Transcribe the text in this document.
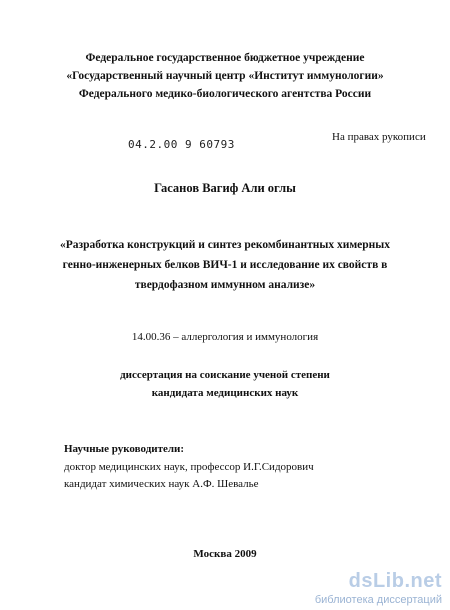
Федеральное государственное бюджетное учреждение
«Государственный научный центр «Институт иммунологии»
Федерального медико-биологического агентства России
04.2.00 9 60793
На правах рукописи
Гасанов Вагиф Али оглы
«Разработка конструкций и синтез рекомбинантных химерных
генно-инженерных белков ВИЧ-1 и исследование их свойств в
твердофазном иммунном анализе»
14.00.36 – аллергология и иммунология
диссертация на соискание ученой степени
кандидата медицинских наук
Научные руководители:
доктор медицинских наук, профессор И.Г.Сидорович
кандидат химических наук А.Ф. Шевалье
Москва 2009
dsLib.net
библиотека диссертаций
